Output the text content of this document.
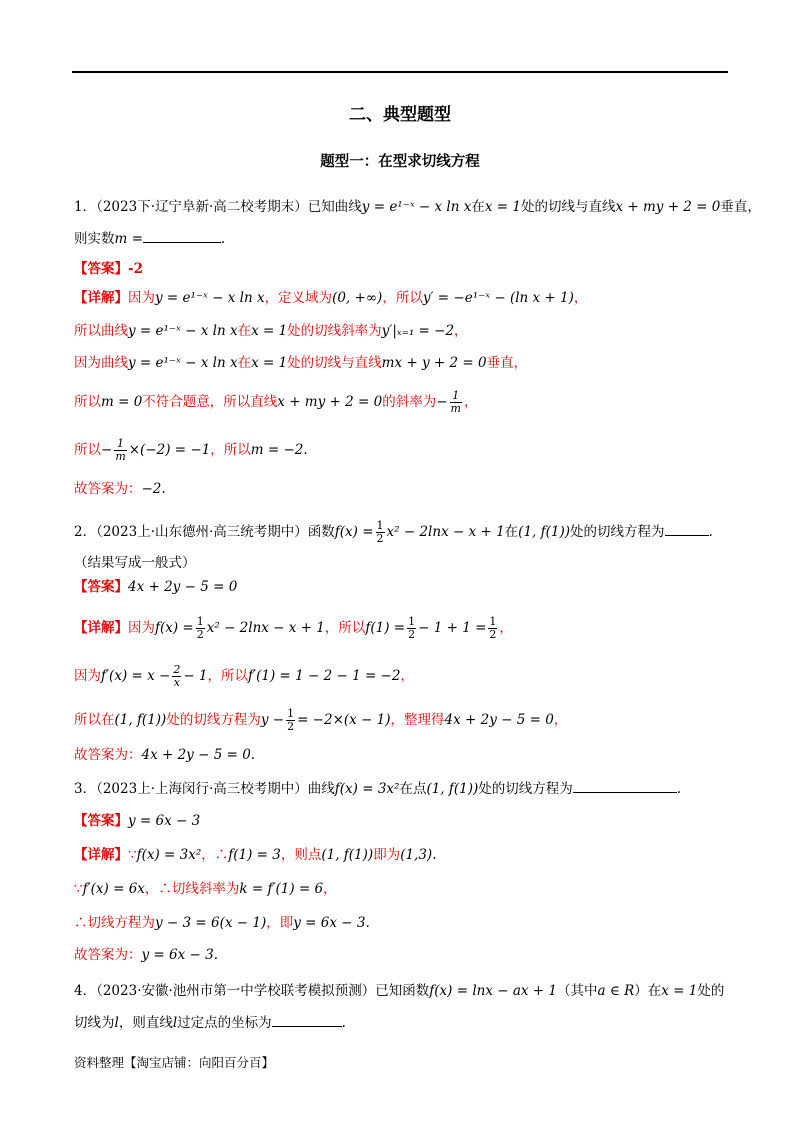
二、典型题型
题型一：在型求切线方程
1．（2023下·辽宁阜新·高二校考期末）已知曲线y = e¹⁻ˣ − x ln x在x = 1处的切线与直线x + my + 2 = 0垂直，
则实数m =	.
【答案】-2
【详解】因为y = e¹⁻ˣ − x ln x，定义域为(0, +∞)，所以y′ = −e¹⁻ˣ − (ln x + 1)，
所以曲线y = e¹⁻ˣ − x ln x在x = 1处的切线斜率为y′|ₓ₌₁ = −2，
因为曲线y = e¹⁻ˣ − x ln x在x = 1处的切线与直线mx + y + 2 = 0垂直，
所以m = 0不符合题意，所以直线x + my + 2 = 0的斜率为− $\frac{1}{m}$ ，
所以− $\frac{1}{m} \times(-2) = -1$，所以m = −2.
故答案为：−2.
2．（2023上·山东德州·高三统考期中）函数$f(x) = \frac{1}{2} x^2 - 2\ln x - x + 1$在(1, f(1))处的切线方程为	.
（结果写成一般式）
【答案】4x + 2y − 5 = 0
【详解】因为$f(x) = \frac{1}{2} x^2 - 2\ln x - x + 1$，所以$f(1) = \frac{1}{2} - 1 + 1 = \frac{1}{2}$ ，
因为$f'(x) = x - \frac{2}{x} - 1$，所以f′(1) = 1 − 2 − 1 = −2，
所以在(1, f(1))处的切线方程为$y - \frac{1}{2} = -2\times(x - 1)$，整理得4x + 2y − 5 = 0，
故答案为：4x + 2y − 5 = 0.
3．（2023上·上海闵行·高三校考期中）曲线f(x) = 3x²在点(1, f(1))处的切线方程为	.
【答案】y = 6x − 3
【详解】∵f(x) = 3x²，∴f(1) = 3，则点(1, f(1))即为(1,3).
∵f′(x) = 6x，∴切线斜率为k = f′(1) = 6，
∴切线方程为y − 3 = 6(x − 1)，即y = 6x − 3.
故答案为：y = 6x − 3.
4．（2023·安徽·池州市第一中学校联考模拟预测）已知函数f(x) = lnx − ax + 1（其中a ∈ R）在x = 1处的
切线为l，则直线l过定点的坐标为	.
资料整理【淘宝店铺：向阳百分百】
